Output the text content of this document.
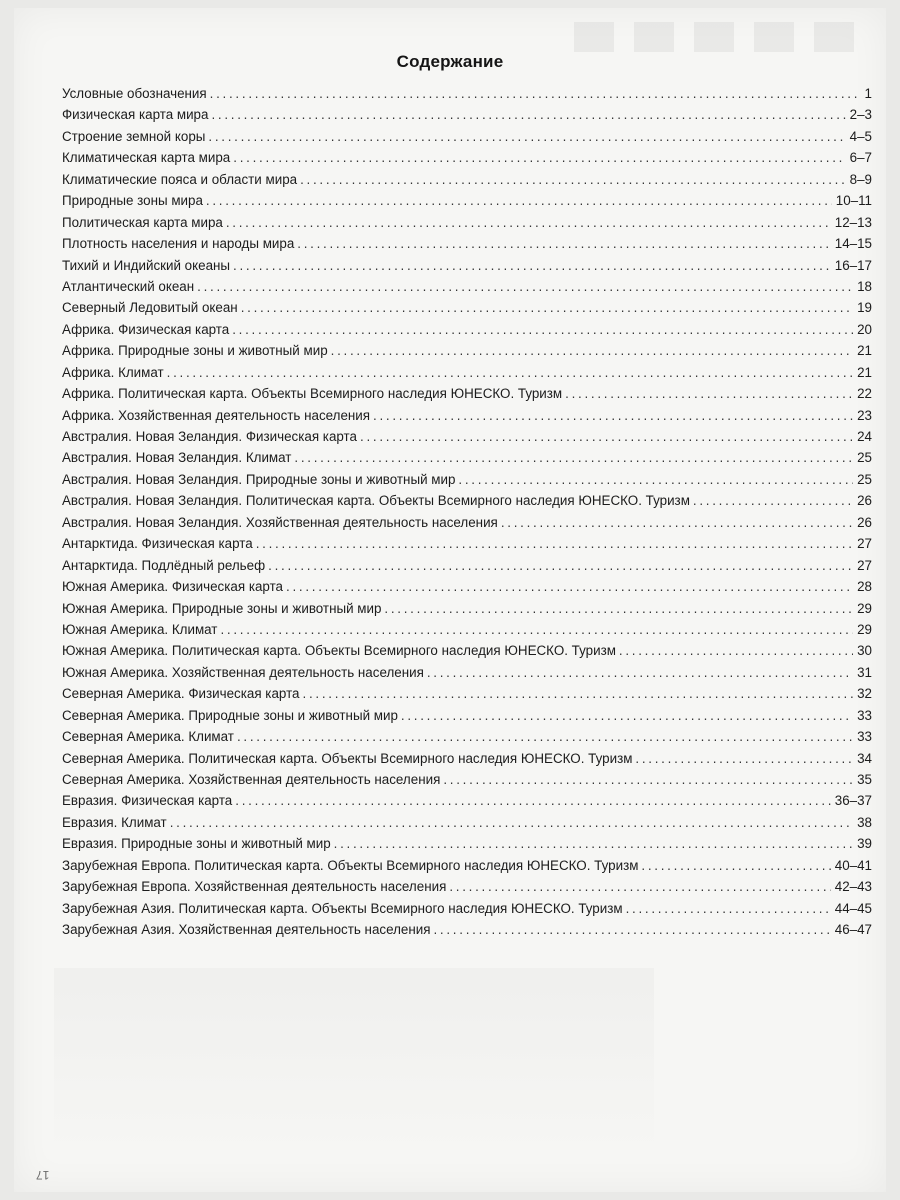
Содержание
Условные обозначения . . .	1
Физическая карта мира . . .	2–3
Строение земной коры . . .	4–5
Климатическая карта мира . . .	6–7
Климатические пояса и области мира . . .	8–9
Природные зоны мира . . .	10–11
Политическая карта мира . . .	12–13
Плотность населения и народы мира . . .	14–15
Тихий и Индийский океаны . . .	16–17
Атлантический океан . . .	18
Северный Ледовитый океан . . .	19
Африка. Физическая карта . . .	20
Африка. Природные зоны и животный мир . . .	21
Африка. Климат . . .	21
Африка. Политическая карта. Объекты Всемирного наследия ЮНЕСКО. Туризм . . .	22
Африка. Хозяйственная деятельность населения . . .	23
Австралия. Новая Зеландия. Физическая карта . . .	24
Австралия. Новая Зеландия. Климат . . .	25
Австралия. Новая Зеландия. Природные зоны и животный мир . . .	25
Австралия. Новая Зеландия. Политическая карта. Объекты Всемирного наследия ЮНЕСКО. Туризм . . .	26
Австралия. Новая Зеландия. Хозяйственная деятельность населения . . .	26
Антарктида. Физическая карта . . .	27
Антарктида. Подлёдный рельеф . . .	27
Южная Америка. Физическая карта . . .	28
Южная Америка. Природные зоны и животный мир . . .	29
Южная Америка. Климат . . .	29
Южная Америка. Политическая карта. Объекты Всемирного наследия ЮНЕСКО. Туризм . . .	30
Южная Америка. Хозяйственная деятельность населения . . .	31
Северная Америка. Физическая карта . . .	32
Северная Америка. Природные зоны и животный мир . . .	33
Северная Америка. Климат . . .	33
Северная Америка. Политическая карта. Объекты Всемирного наследия ЮНЕСКО. Туризм . . .	34
Северная Америка. Хозяйственная деятельность населения . . .	35
Евразия. Физическая карта . . .	36–37
Евразия. Климат . . .	38
Евразия. Природные зоны и животный мир . . .	39
Зарубежная Европа. Политическая карта. Объекты Всемирного наследия ЮНЕСКО. Туризм . . .	40–41
Зарубежная Европа. Хозяйственная деятельность населения . . .	42–43
Зарубежная Азия. Политическая карта. Объекты Всемирного наследия ЮНЕСКО. Туризм . . .	44–45
Зарубежная Азия. Хозяйственная деятельность населения . . .	46–47
17
